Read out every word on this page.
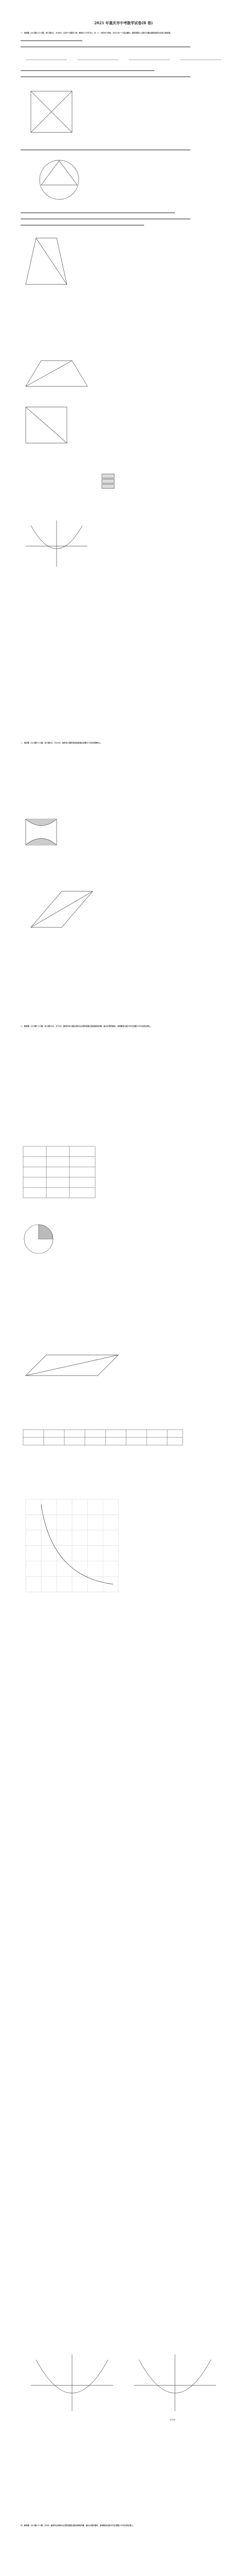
2021 年重庆市中考数学试卷(B 卷)
一、选择题（本大题12个小题，每小题4分，共48分）在每个小题的下面，都给出了代号为A、B、C、D的四个答案，其中只有一个是正确的，请将答题卡上题号右侧正确答案所对应的方框涂黑。
二、填空题（本大题6个小题，每小题4分，共24分）请将每小题的答案直接填在答题卡中对应的横线上。
三、解答题（本大题7个小题，每小题10分，共70分）解答时每小题必须给出必要的演算过程或推理步骤，画出必要的图形，请将解答过程书写在答题卡中对应的位置上。
四、解答题（本大题1个小题，共8分）解答时必须给出必要的演算过程或推理步骤，画出必要的图形，请将解答过程书写在答题卡中对应的位置上。
备用图
